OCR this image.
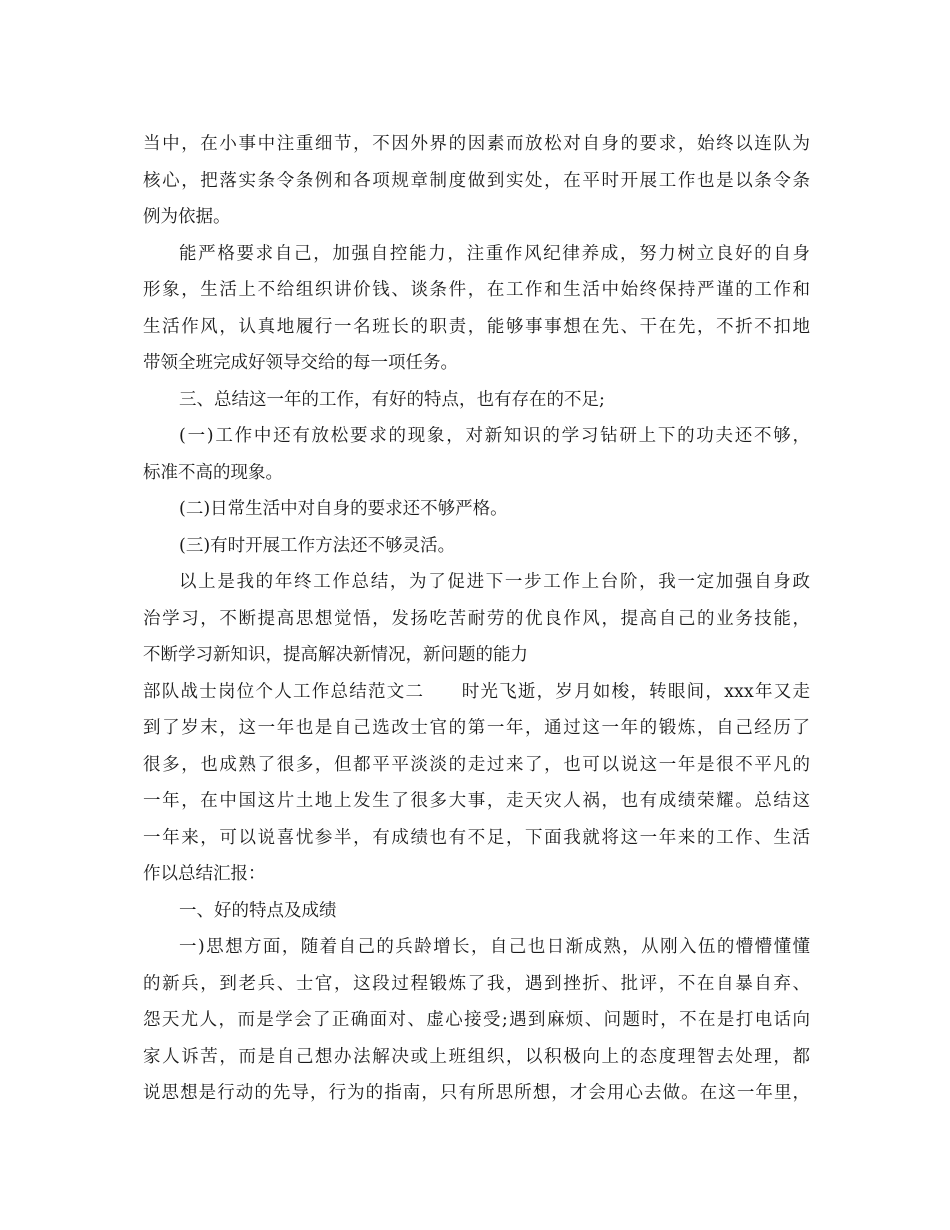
当中，在小事中注重细节，不因外界的因素而放松对自身的要求，始终以连队为
核心，把落实条令条例和各项规章制度做到实处，在平时开展工作也是以条令条
例为依据。
能严格要求自己，加强自控能力，注重作风纪律养成，努力树立良好的自身
形象，生活上不给组织讲价钱、谈条件，在工作和生活中始终保持严谨的工作和
生活作风，认真地履行一名班长的职责，能够事事想在先、干在先，不折不扣地
带领全班完成好领导交给的每一项任务。
三、总结这一年的工作，有好的特点，也有存在的不足;
(一)工作中还有放松要求的现象，对新知识的学习钻研上下的功夫还不够，
标准不高的现象。
(二)日常生活中对自身的要求还不够严格。
(三)有时开展工作方法还不够灵活。
以上是我的年终工作总结，为了促进下一步工作上台阶，我一定加强自身政
治学习，不断提高思想觉悟，发扬吃苦耐劳的优良作风，提高自己的业务技能，
不断学习新知识，提高解决新情况，新问题的能力
部队战士岗位个人工作总结范文二　　时光飞逝，岁月如梭，转眼间，xxx年又走
到了岁末，这一年也是自己选改士官的第一年，通过这一年的锻炼，自己经历了
很多，也成熟了很多，但都平平淡淡的走过来了，也可以说这一年是很不平凡的
一年，在中国这片土地上发生了很多大事，走天灾人祸，也有成绩荣耀。总结这
一年来，可以说喜忧参半，有成绩也有不足，下面我就将这一年来的工作、生活
作以总结汇报：
一、好的特点及成绩
一)思想方面，随着自己的兵龄增长，自己也日渐成熟，从刚入伍的懵懵懂懂
的新兵，到老兵、士官，这段过程锻炼了我，遇到挫折、批评，不在自暴自弃、
怨天尤人，而是学会了正确面对、虚心接受;遇到麻烦、问题时，不在是打电话向
家人诉苦，而是自己想办法解决或上班组织，以积极向上的态度理智去处理，都
说思想是行动的先导，行为的指南，只有所思所想，才会用心去做。在这一年里，
